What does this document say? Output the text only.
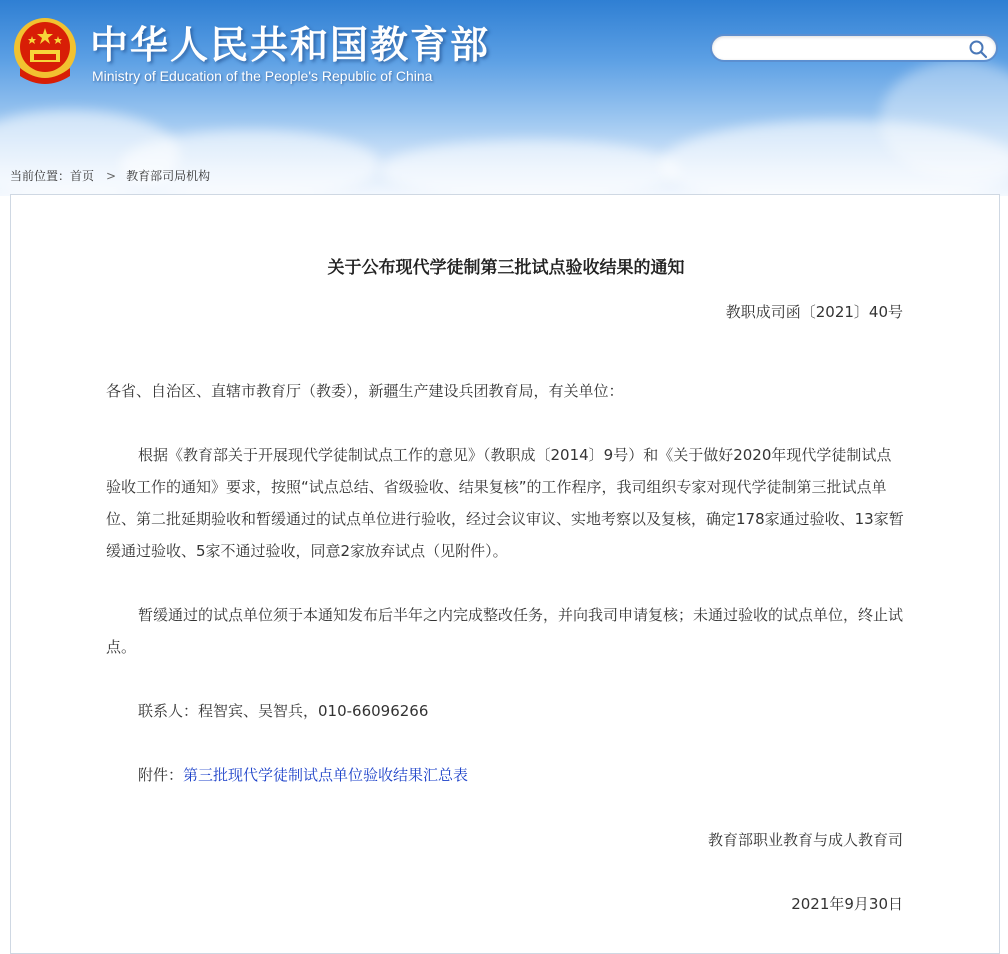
中华人民共和国教育部
Ministry of Education of the People's Republic of China
当前位置：首页 > 教育部司局机构
关于公布现代学徒制第三批试点验收结果的通知
教职成司函〔2021〕40号
各省、自治区、直辖市教育厅（教委），新疆生产建设兵团教育局，有关单位：
根据《教育部关于开展现代学徒制试点工作的意见》（教职成〔2014〕9号）和《关于做好2020年现代学徒制试点验收工作的通知》要求，按照“试点总结、省级验收、结果复核”的工作程序，我司组织专家对现代学徒制第三批试点单位、第二批延期验收和暂缓通过的试点单位进行验收，经过会议审议、实地考察以及复核，确定178家通过验收、13家暂缓通过验收、5家不通过验收，同意2家放弃试点（见附件）。
暂缓通过的试点单位须于本通知发布后半年之内完成整改任务，并向我司申请复核；未通过验收的试点单位，终止试点。
联系人：程智宾、吴智兵，010-66096266
附件：第三批现代学徒制试点单位验收结果汇总表
教育部职业教育与成人教育司
2021年9月30日
